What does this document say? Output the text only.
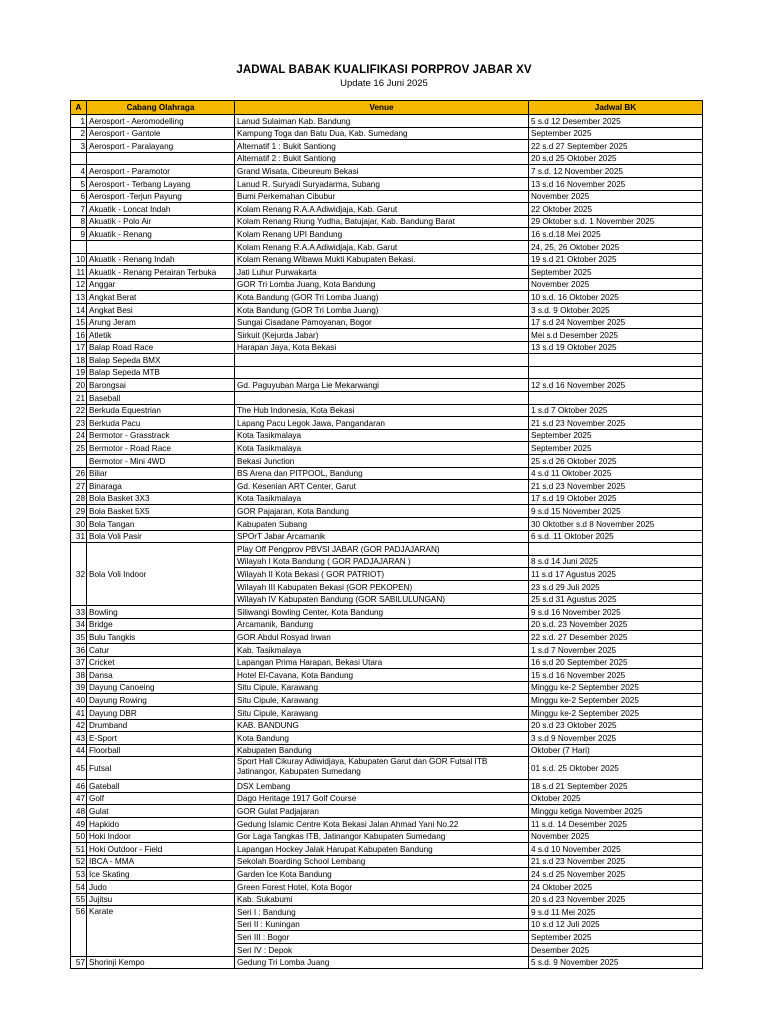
JADWAL BABAK KUALIFIKASI PORPROV JABAR XV
Update 16 Juni 2025
A	Cabang Olahraga	Venue	Jadwal BK
1	Aerosport - Aeromodelling	Lanud Sulaiman Kab. Bandung	5 s.d 12 Desember 2025
2	Aerosport - Gantole	Kampung Toga dan Batu Dua, Kab. Sumedang	September 2025
3	Aerosport - Paralayang	Alternatif 1 : Bukit Santiong	22 s.d 27 September 2025
		Alternatif 2 : Bukit Santiong	20 s.d 25 Oktober 2025
4	Aerosport - Paramotor	Grand Wisata, Cibeureum Bekasi	7 s.d. 12 November 2025
5	Aerosport - Terbang Layang	Lanud R. Suryadi Suryadarma, Subang	13 s.d 16 November 2025
6	Aerosport -Terjun Payung	Bumi Perkemahan Cibubur	November 2025
7	Akuatik - Loncat Indah	Kolam Renang R.A.A Adiwidjaja, Kab. Garut	22 Oktober 2025
8	Akuatik - Polo Air	Kolam Renang Riung Yudha, Batujajar, Kab. Bandung Barat	29 Oktober s.d. 1 November 2025
9	Akuatik - Renang	Kolam Renang UPI Bandung	16 s.d.18 Mei 2025
		Kolam Renang R.A.A Adiwidjaja, Kab. Garut	24, 25, 26 Oktober 2025
10	Akuatik - Renang Indah	Kolam Renang Wibawa Mukti Kabupaten Bekasi.	19 s.d 21 Oktober 2025
11	Akuatik - Renang Perairan Terbuka	Jati Luhur Purwakarta	September 2025
12	Anggar	GOR Tri Lomba Juang, Kota Bandung	November 2025
13	Angkat Berat	Kota Bandung (GOR Tri Lomba Juang)	10 s.d. 16 Oktober 2025
14	Angkat Besi	Kota Bandung (GOR Tri Lomba Juang)	3 s.d. 9 Oktober 2025
15	Arung Jeram	Sungai Cisadane Pamoyanan, Bogor	17 s.d 24 November 2025
16	Atletik	Sirkuit (Kejurda Jabar)	Mei s.d Desember 2025
17	Balap Road Race	Harapan Jaya, Kota Bekasi	13 s.d 19 Oktober 2025
18	Balap Sepeda BMX		
19	Balap Sepeda MTB		
20	Barongsai	Gd. Paguyuban Marga Lie Mekarwangi	12 s.d 16 November 2025
21	Baseball		
22	Berkuda Equestrian	The Hub Indonesia, Kota Bekasi	1 s.d 7 Oktober 2025
23	Berkuda Pacu	Lapang Pacu Legok Jawa, Pangandaran	21 s.d 23 November 2025
24	Bermotor - Grasstrack	Kota Tasikmalaya	September 2025
25	Bermotor - Road Race	Kota Tasikmalaya	September 2025
	Bermotor - Mini 4WD	Bekasi Junction	25 s.d 26 Oktober 2025
26	Biliar	BS Arena dan PITPOOL, Bandung	4 s.d 11 Oktober 2025
27	Binaraga	Gd. Kesenian ART Center, Garut	21 s.d 23 November 2025
28	Bola Basket 3X3	Kota Tasikmalaya	17 s.d 19 Oktober 2025
29	Bola Basket 5X5	GOR Pajajaran, Kota Bandung	9 s.d 15 November 2025
30	Bola Tangan	Kabupaten Subang	30 Oktotber s.d 8 November 2025
31	Bola Voli Pasir	SPOrT Jabar Arcamanik	6 s.d. 11 Oktober 2025
32	Bola Voli Indoor	Play Off Pengprov PBVSI JABAR (GOR PADJAJARAN)	
		Wilayah I Kota Bandung ( GOR PADJAJARAN )	8 s.d 14 Juni 2025
		Wilayah II Kota Bekasi ( GOR PATRIOT)	11 s.d 17 Agustus 2025
		Wilayah III Kabupaten Bekasi (GOR PEKOPEN)	23 s.d 29 Juli 2025
		Wilayah IV Kabupaten Bandung (GOR SABILULUNGAN)	25 s.d 31 Agustus 2025
33	Bowling	Siliwangi Bowling Center, Kota Bandung	9 s.d 16 November 2025
34	Bridge	Arcamanik, Bandung	20 s.d. 23 November 2025
35	Bulu Tangkis	GOR Abdul Rosyad Irwan	22 s.d. 27 Desember 2025
36	Catur	Kab. Tasikmalaya	1 s.d 7 November 2025
37	Cricket	Lapangan Prima Harapan, Bekasi Utara	16 s.d 20 September 2025
38	Dansa	Hotel El-Cavana, Kota Bandung	15 s.d 16 November 2025
39	Dayung Canoeing	Situ Cipule, Karawang	Minggu ke-2 September 2025
40	Dayung Rowing	Situ Cipule, Karawang	Minggu ke-2 September 2025
41	Dayung DBR	Situ Cipule, Karawang	Minggu ke-2 September 2025
42	Drumband	KAB. BANDUNG	20 s.d 23 Oktober 2025
43	E-Sport	Kota Bandung	3 s.d 9 November 2025
44	Floorball	Kabupaten Bandung	Oktober (7 Hari)
45	Futsal	Sport Hall Cikuray Adiwidjaya, Kabupaten Garut dan GOR Futsal ITB Jatinangor, Kabupaten Sumedang	01 s.d. 25 Oktober 2025
46	Gateball	DSX Lembang	18 s.d 21 September 2025
47	Golf	Dago Heritage 1917 Golf Course	Oktober 2025
48	Gulat	GOR Gulat Padjajaran	Minggu ketiga November 2025
49	Hapkido	Gedung Islamic Centre Kota Bekasi Jalan Ahmad Yani No.22	11 s.d. 14 Desember 2025
50	Hoki Indoor	Gor Laga Tangkas ITB, Jatinangor Kabupaten Sumedang	November 2025
51	Hoki Outdoor - Field	Lapangan Hockey Jalak Harupat Kabupaten Bandung	4 s.d 10 November 2025
52	IBCA - MMA	Sekolah Boarding School Lembang	21 s.d 23 November 2025
53	Ice Skating	Garden Ice Kota Bandung	24 s.d 25 November 2025
54	Judo	Green Forest Hotel, Kota Bogor	24 Oktober 2025
55	Jujitsu	Kab. Sukabumi	20 s.d 23 November 2025
56	Karate	Seri I : Bandung	9 s.d 11 Mei 2025
		Seri II : Kuningan	10 s.d 12 Juli 2025
		Seri III : Bogor	September 2025
		Seri IV : Depok	Desember 2025
57	Shorinji Kempo	Gedung Tri Lomba Juang	5 s.d. 9 November 2025
